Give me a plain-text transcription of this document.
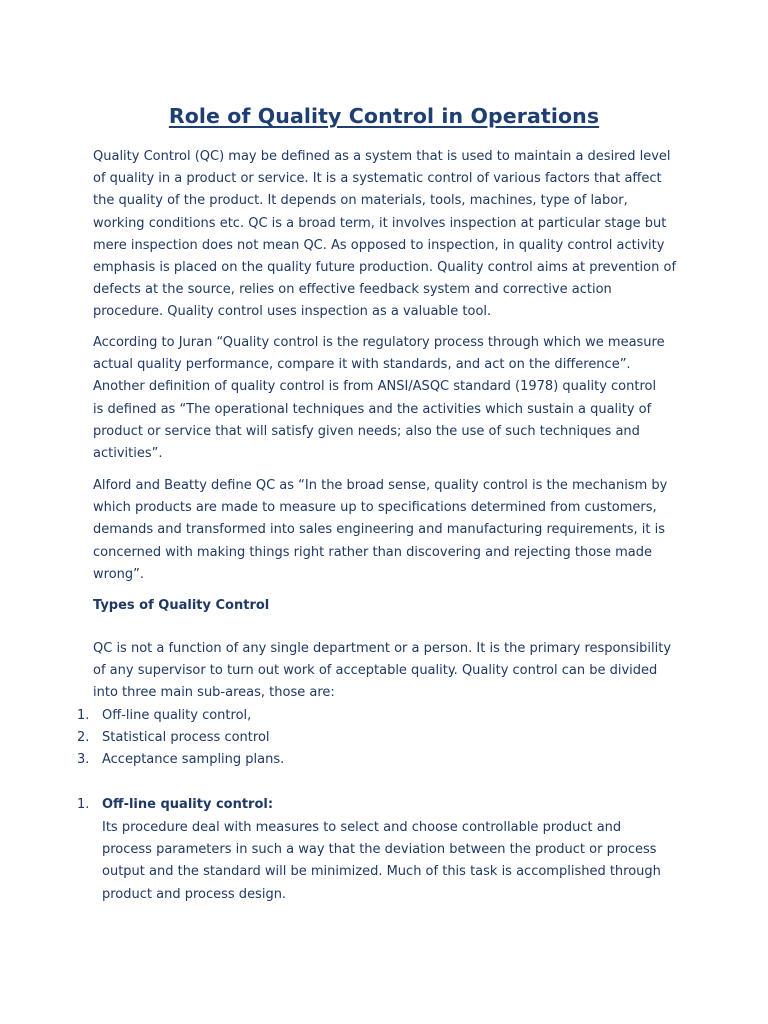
Role of Quality Control in Operations
Quality Control (QC) may be defined as a system that is used to maintain a desired level
of quality in a product or service. It is a systematic control of various factors that affect
the quality of the product. It depends on materials, tools, machines, type of labor,
working conditions etc. QC is a broad term, it involves inspection at particular stage but
mere inspection does not mean QC. As opposed to inspection, in quality control activity
emphasis is placed on the quality future production. Quality control aims at prevention of
defects at the source, relies on effective feedback system and corrective action
procedure. Quality control uses inspection as a valuable tool.
According to Juran “Quality control is the regulatory process through which we measure
actual quality performance, compare it with standards, and act on the difference”.
Another definition of quality control is from ANSI/ASQC standard (1978) quality control
is defined as “The operational techniques and the activities which sustain a quality of
product or service that will satisfy given needs; also the use of such techniques and
activities”.
Alford and Beatty define QC as “In the broad sense, quality control is the mechanism by
which products are made to measure up to specifications determined from customers,
demands and transformed into sales engineering and manufacturing requirements, it is
concerned with making things right rather than discovering and rejecting those made
wrong”.
Types of Quality Control
QC is not a function of any single department or a person. It is the primary responsibility
of any supervisor to turn out work of acceptable quality. Quality control can be divided
into three main sub-areas, those are:
1. Off-line quality control,
2. Statistical process control
3. Acceptance sampling plans.
1. Off-line quality control:
Its procedure deal with measures to select and choose controllable product and
process parameters in such a way that the deviation between the product or process
output and the standard will be minimized. Much of this task is accomplished through
product and process design.
